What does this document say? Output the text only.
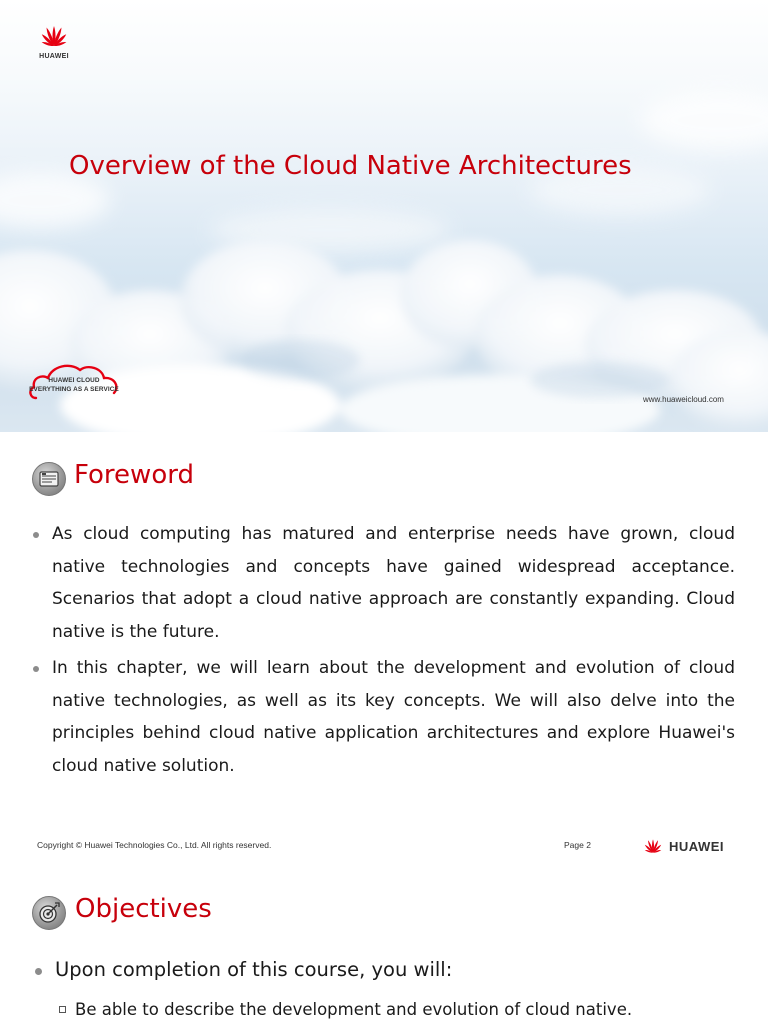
HUAWEI
Overview of the Cloud Native Architectures
HUAWEI CLOUD
EVERYTHING AS A SERVICE
www.huaweicloud.com
Foreword
As cloud computing has matured and enterprise needs have grown, cloud native technologies and concepts have gained widespread acceptance. Scenarios that adopt a cloud native approach are constantly expanding. Cloud native is the future.
In this chapter, we will learn about the development and evolution of cloud native technologies, as well as its key concepts. We will also delve into the principles behind cloud native application architectures and explore Huawei's cloud native solution.
Copyright © Huawei Technologies Co., Ltd. All rights reserved.	Page 2	HUAWEI
Objectives
Upon completion of this course, you will:
Be able to describe the development and evolution of cloud native.
